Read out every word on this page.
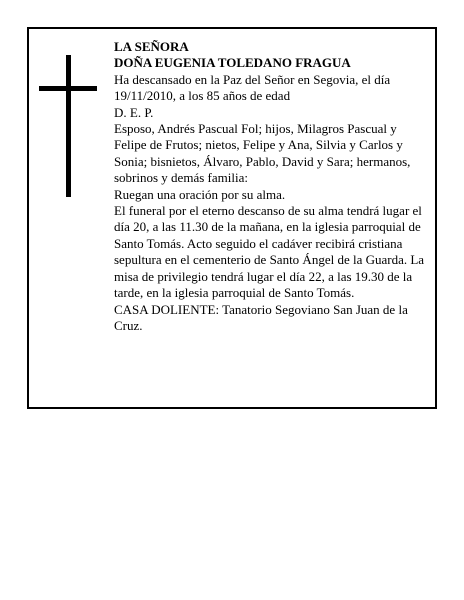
LA SEÑORA

DOÑA EUGENIA TOLEDANO FRAGUA

Ha descansado en la Paz del Señor en Segovia, el día 19/11/2010, a los 85 años de edad

D. E. P.

Esposo, Andrés Pascual Fol; hijos, Milagros Pascual y Felipe de Frutos; nietos, Felipe y Ana, Silvia y Carlos y Sonia; bisnietos, Álvaro, Pablo, David y Sara; hermanos, sobrinos y demás familia:

Ruegan una oración por su alma.

El funeral por el eterno descanso de su alma tendrá lugar el día 20, a las 11.30 de la mañana, en la iglesia parroquial de Santo Tomás. Acto seguido el cadáver recibirá cristiana sepultura en el cementerio de Santo Ángel de la Guarda. La misa de privilegio tendrá lugar el día 22, a las 19.30 de la tarde, en la iglesia parroquial de Santo Tomás.

CASA DOLIENTE: Tanatorio Segoviano San Juan de la Cruz.
